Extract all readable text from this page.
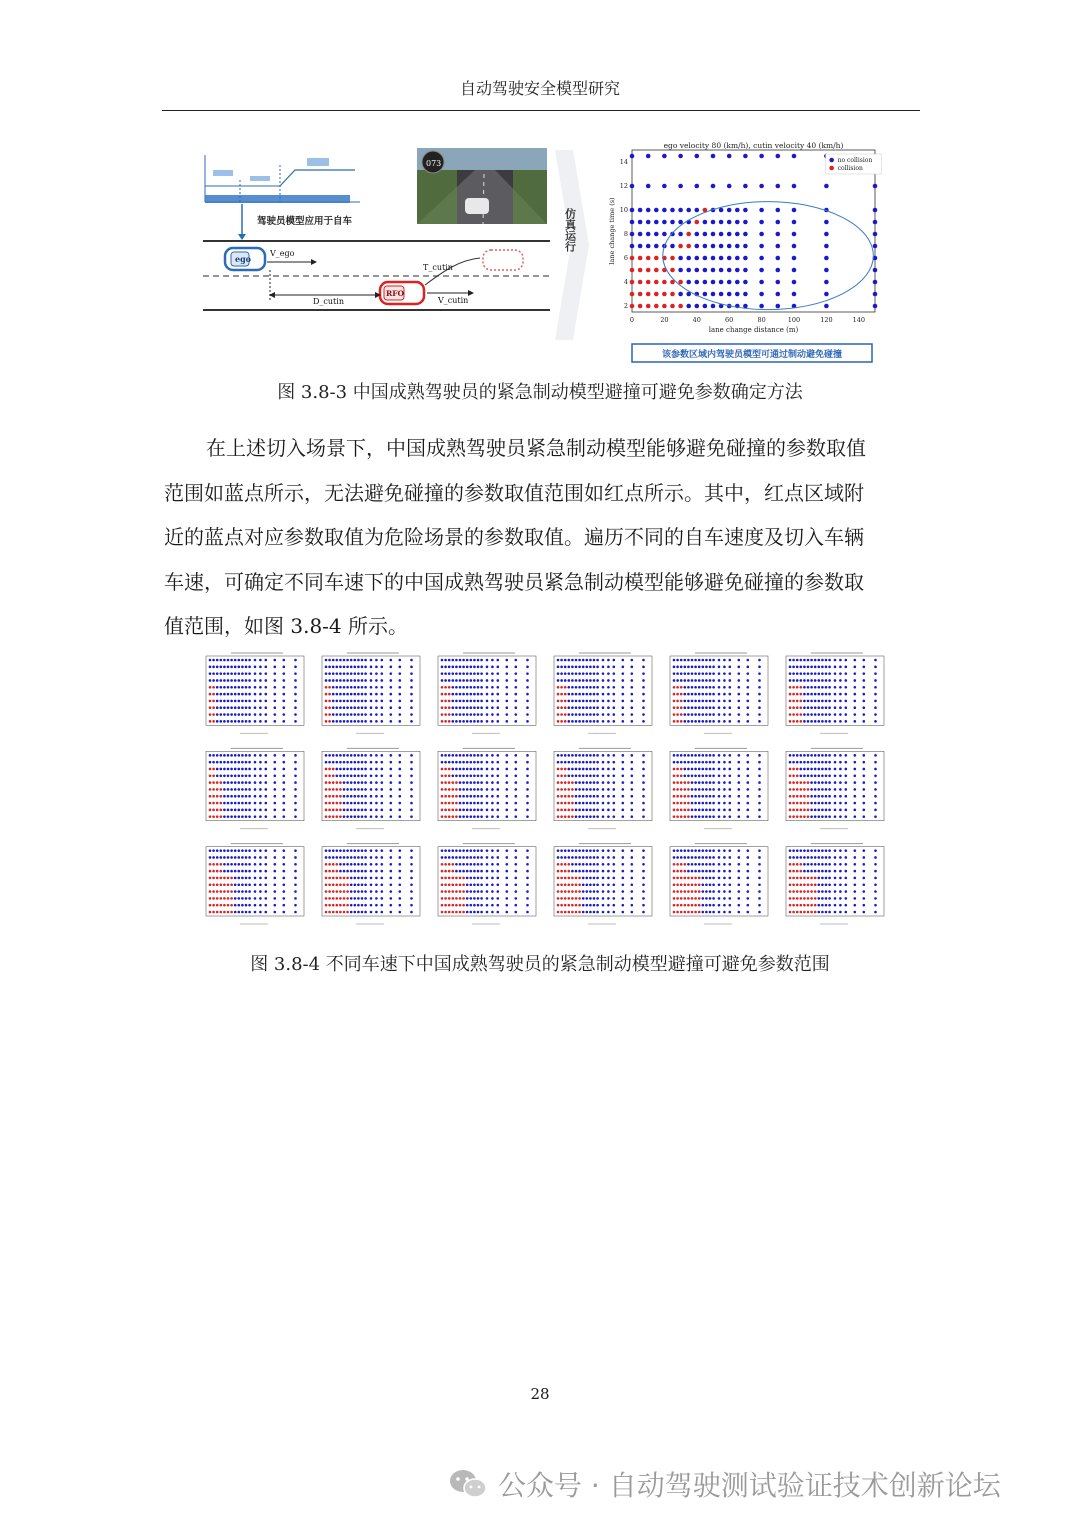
自动驾驶安全模型研究
驾驶员模型应用于自车
ego
V_ego
RFO
T_cutin
D_cutin	V_cutin
073
仿真运行
ego velocity 80 (km/h), cutin velocity 40 (km/h)
lane change distance (m)
lane change time (s)
0	20	40	60	80	100	120	140
2
4
6
8
10
12
14	no collision
collision
该参数区域内驾驶员模型可通过制动避免碰撞
图 3.8-3 中国成熟驾驶员的紧急制动模型避撞可避免参数确定方法
在上述切入场景下，中国成熟驾驶员紧急制动模型能够避免碰撞的参数取值
范围如蓝点所示，无法避免碰撞的参数取值范围如红点所示。其中，红点区域附
近的蓝点对应参数取值为危险场景的参数取值。遍历不同的自车速度及切入车辆
车速，可确定不同车速下的中国成熟驾驶员紧急制动模型能够避免碰撞的参数取
值范围，如图 3.8-4 所示。
图 3.8-4 不同车速下中国成熟驾驶员的紧急制动模型避撞可避免参数范围
28
公众号 · 自动驾驶测试验证技术创新论坛
